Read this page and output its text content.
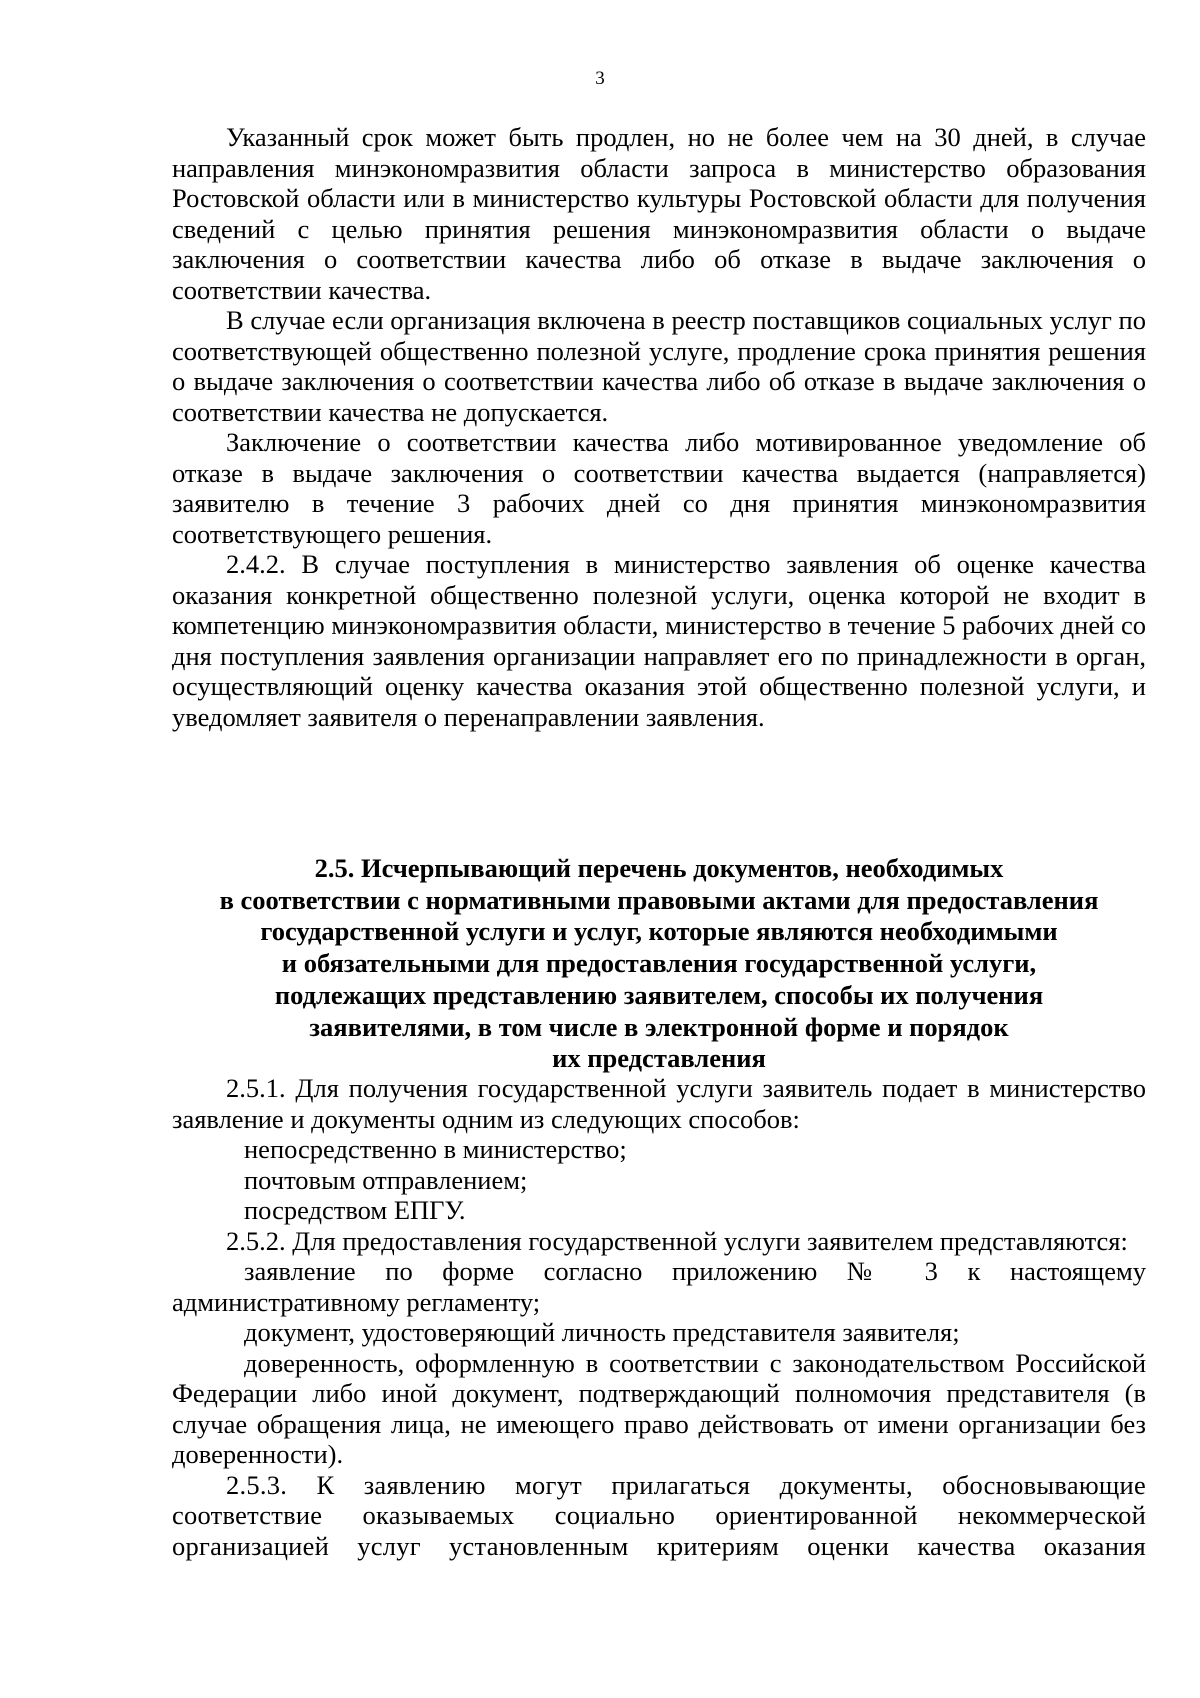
3

Указанный срок может быть продлен, но не более чем на 30 дней, в случае направления минэкономразвития области запроса в министерство образования Ростовской области или в министерство культуры Ростовской области для получения сведений с целью принятия решения минэкономразвития области о выдаче заключения о соответствии качества либо об отказе в выдаче заключения о соответствии качества.

В случае если организация включена в реестр поставщиков социальных услуг по соответствующей общественно полезной услуге, продление срока принятия решения о выдаче заключения о соответствии качества либо об отказе в выдаче заключения о соответствии качества не допускается.

Заключение о соответствии качества либо мотивированное уведомление об отказе в выдаче заключения о соответствии качества выдается (направляется) заявителю в течение 3 рабочих дней со дня принятия минэкономразвития соответствующего решения.

2.4.2. В случае поступления в министерство заявления об оценке качества оказания конкретной общественно полезной услуги, оценка которой не входит в компетенцию минэкономразвития области, министерство в течение 5 рабочих дней со дня поступления заявления организации направляет его по принадлежности в орган, осуществляющий оценку качества оказания этой общественно полезной услуги, и уведомляет заявителя о перенаправлении заявления.

2.5. Исчерпывающий перечень документов, необходимых
в соответствии с нормативными правовыми актами для предоставления
государственной услуги и услуг, которые являются необходимыми
и обязательными для предоставления государственной услуги,
подлежащих представлению заявителем, способы их получения
заявителями, в том числе в электронной форме и порядок
их представления

2.5.1. Для получения государственной услуги заявитель подает в министерство заявление и документы одним из следующих способов:

непосредственно в министерство;

почтовым отправлением;

посредством ЕПГУ.

2.5.2. Для предоставления государственной услуги заявителем представляются:

заявление по форме согласно приложению № 3 к настоящему административному регламенту;

документ, удостоверяющий личность представителя заявителя;

доверенность, оформленную в соответствии с законодательством Российской Федерации либо иной документ, подтверждающий полномочия представителя (в случае обращения лица, не имеющего право действовать от имени организации без доверенности).

2.5.3. К заявлению могут прилагаться документы, обосновывающие соответствие оказываемых социально ориентированной некоммерческой организацией услуг установленным критериям оценки качества оказания
